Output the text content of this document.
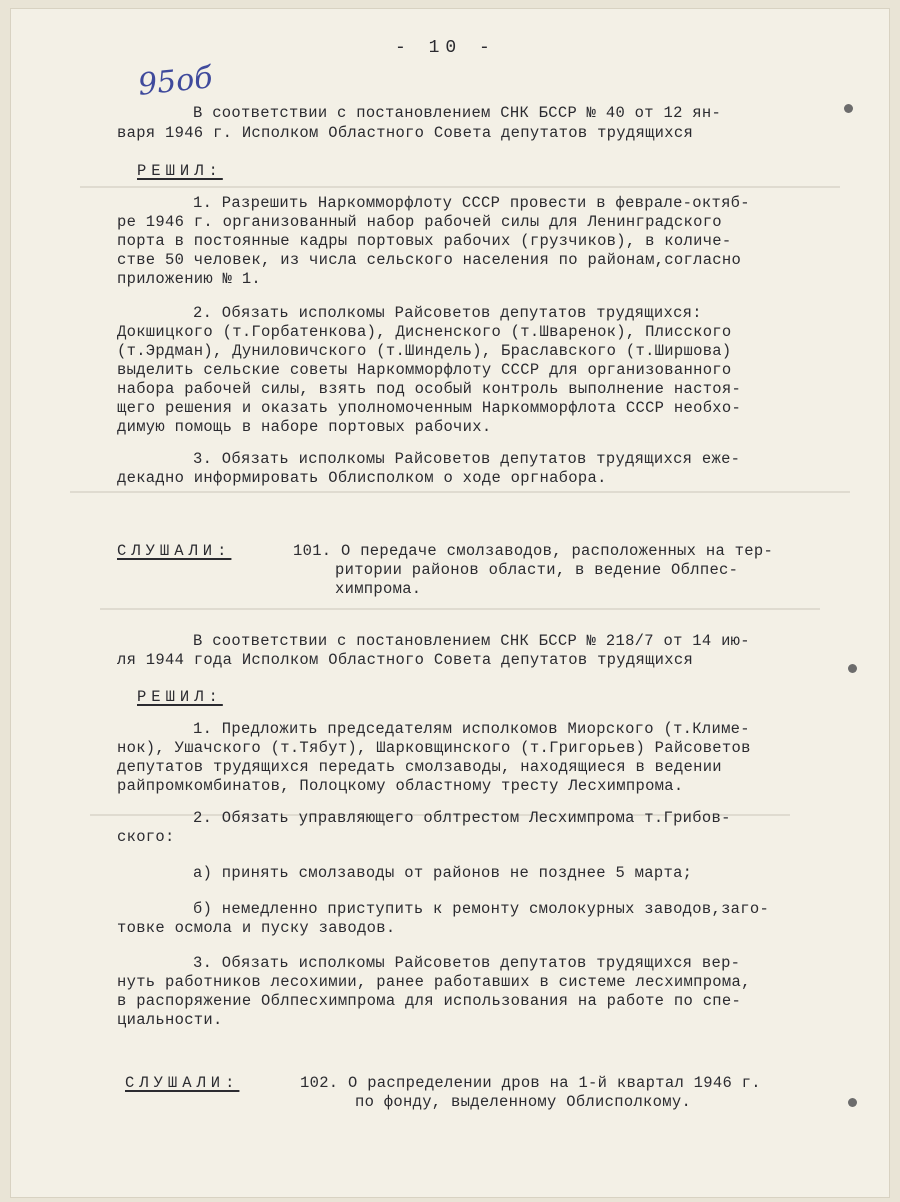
- 10 -
95об
В соответствии с постановлением СНК БССР № 40 от 12 ян-
варя 1946 г. Исполком Областного Совета депутатов трудящихся
РЕШИЛ:
1. Разрешить Наркомморфлоту СССР провести в феврале-октяб-
ре 1946 г. организованный набор рабочей силы для Ленинградского
порта в постоянные кадры портовых рабочих (грузчиков), в количе-
стве 50 человек, из числа сельского населения по районам,согласно
приложению № 1.
2. Обязать исполкомы Райсоветов депутатов трудящихся:
Докшицкого (т.Горбатенкова), Дисненского (т.Шваренок), Плисского
(т.Эрдман), Дуниловичского (т.Шиндель), Браславского (т.Ширшова)
выделить сельские советы Наркомморфлоту СССР для организованного
набора рабочей силы, взять под особый контроль выполнение настоя-
щего решения и оказать уполномоченным Наркомморфлота СССР необхо-
димую помощь в наборе портовых рабочих.
3. Обязать исполкомы Райсоветов депутатов трудящихся еже-
декадно информировать Облисполком о ходе оргнабора.
СЛУШАЛИ:	101. О передаче смолзаводов, расположенных на тер-
ритории районов области, в ведение Облпес-
химпрома.
В соответствии с постановлением СНК БССР № 218/7 от 14 ию-
ля 1944 года Исполком Областного Совета депутатов трудящихся
РЕШИЛ:
1. Предложить председателям исполкомов Миорского (т.Климе-
нок), Ушачского (т.Тябут), Шарковщинского (т.Григорьев) Райсоветов
депутатов трудящихся передать смолзаводы, находящиеся в ведении
райпромкомбинатов, Полоцкому областному тресту Лесхимпрома.
2. Обязать управляющего облтрестом Лесхимпрома т.Грибов-
ского:
а) принять смолзаводы от районов не позднее 5 марта;
б) немедленно приступить к ремонту смолокурных заводов,заго-
товке осмола и пуску заводов.
3. Обязать исполкомы Райсоветов депутатов трудящихся вер-
нуть работников лесохимии, ранее работавших в системе лесхимпрома,
в распоряжение Облпесхимпрома для использования на работе по спе-
циальности.
СЛУШАЛИ:	102. О распределении дров на 1-й квартал 1946 г.
по фонду, выделенному Облисполкому.
